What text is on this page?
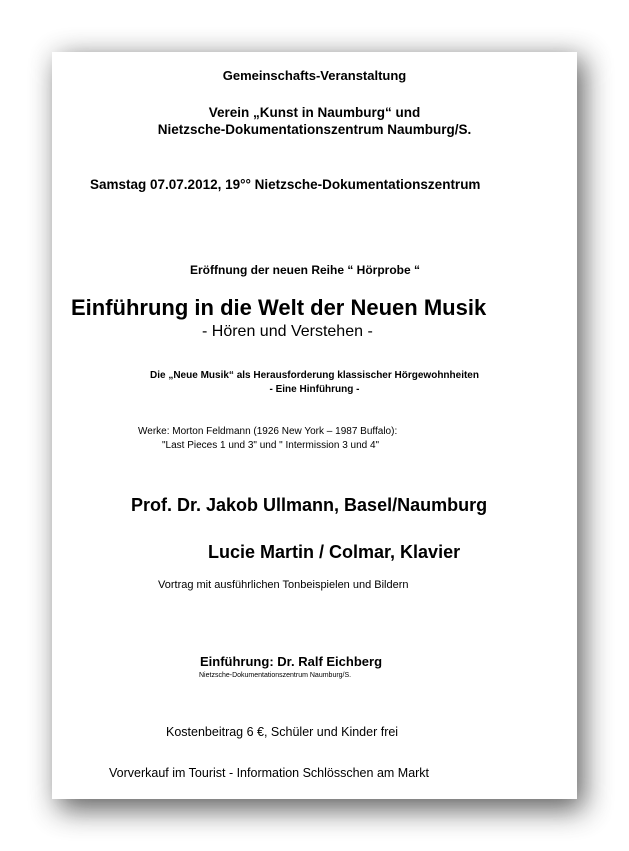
Gemeinschafts-Veranstaltung
Verein „Kunst in Naumburg“ und
Nietzsche-Dokumentationszentrum Naumburg/S.
Samstag 07.07.2012, 19°° Nietzsche-Dokumentationszentrum
Eröffnung der neuen Reihe “ Hörprobe “
Einführung in die Welt der Neuen Musik
- Hören und Verstehen -
Die „Neue Musik“ als Herausforderung klassischer Hörgewohnheiten
- Eine Hinführung -
Werke: Morton Feldmann (1926 New York – 1987 Buffalo):
"Last Pieces 1 und 3" und " Intermission 3 und 4"
Prof. Dr. Jakob Ullmann, Basel/Naumburg
Lucie Martin / Colmar, Klavier
Vortrag mit ausführlichen Tonbeispielen und Bildern
Einführung: Dr. Ralf Eichberg
Nietzsche-Dokumentationszentrum Naumburg/S.
Kostenbeitrag 6 €, Schüler und Kinder frei
Vorverkauf im Tourist - Information Schlösschen am Markt
